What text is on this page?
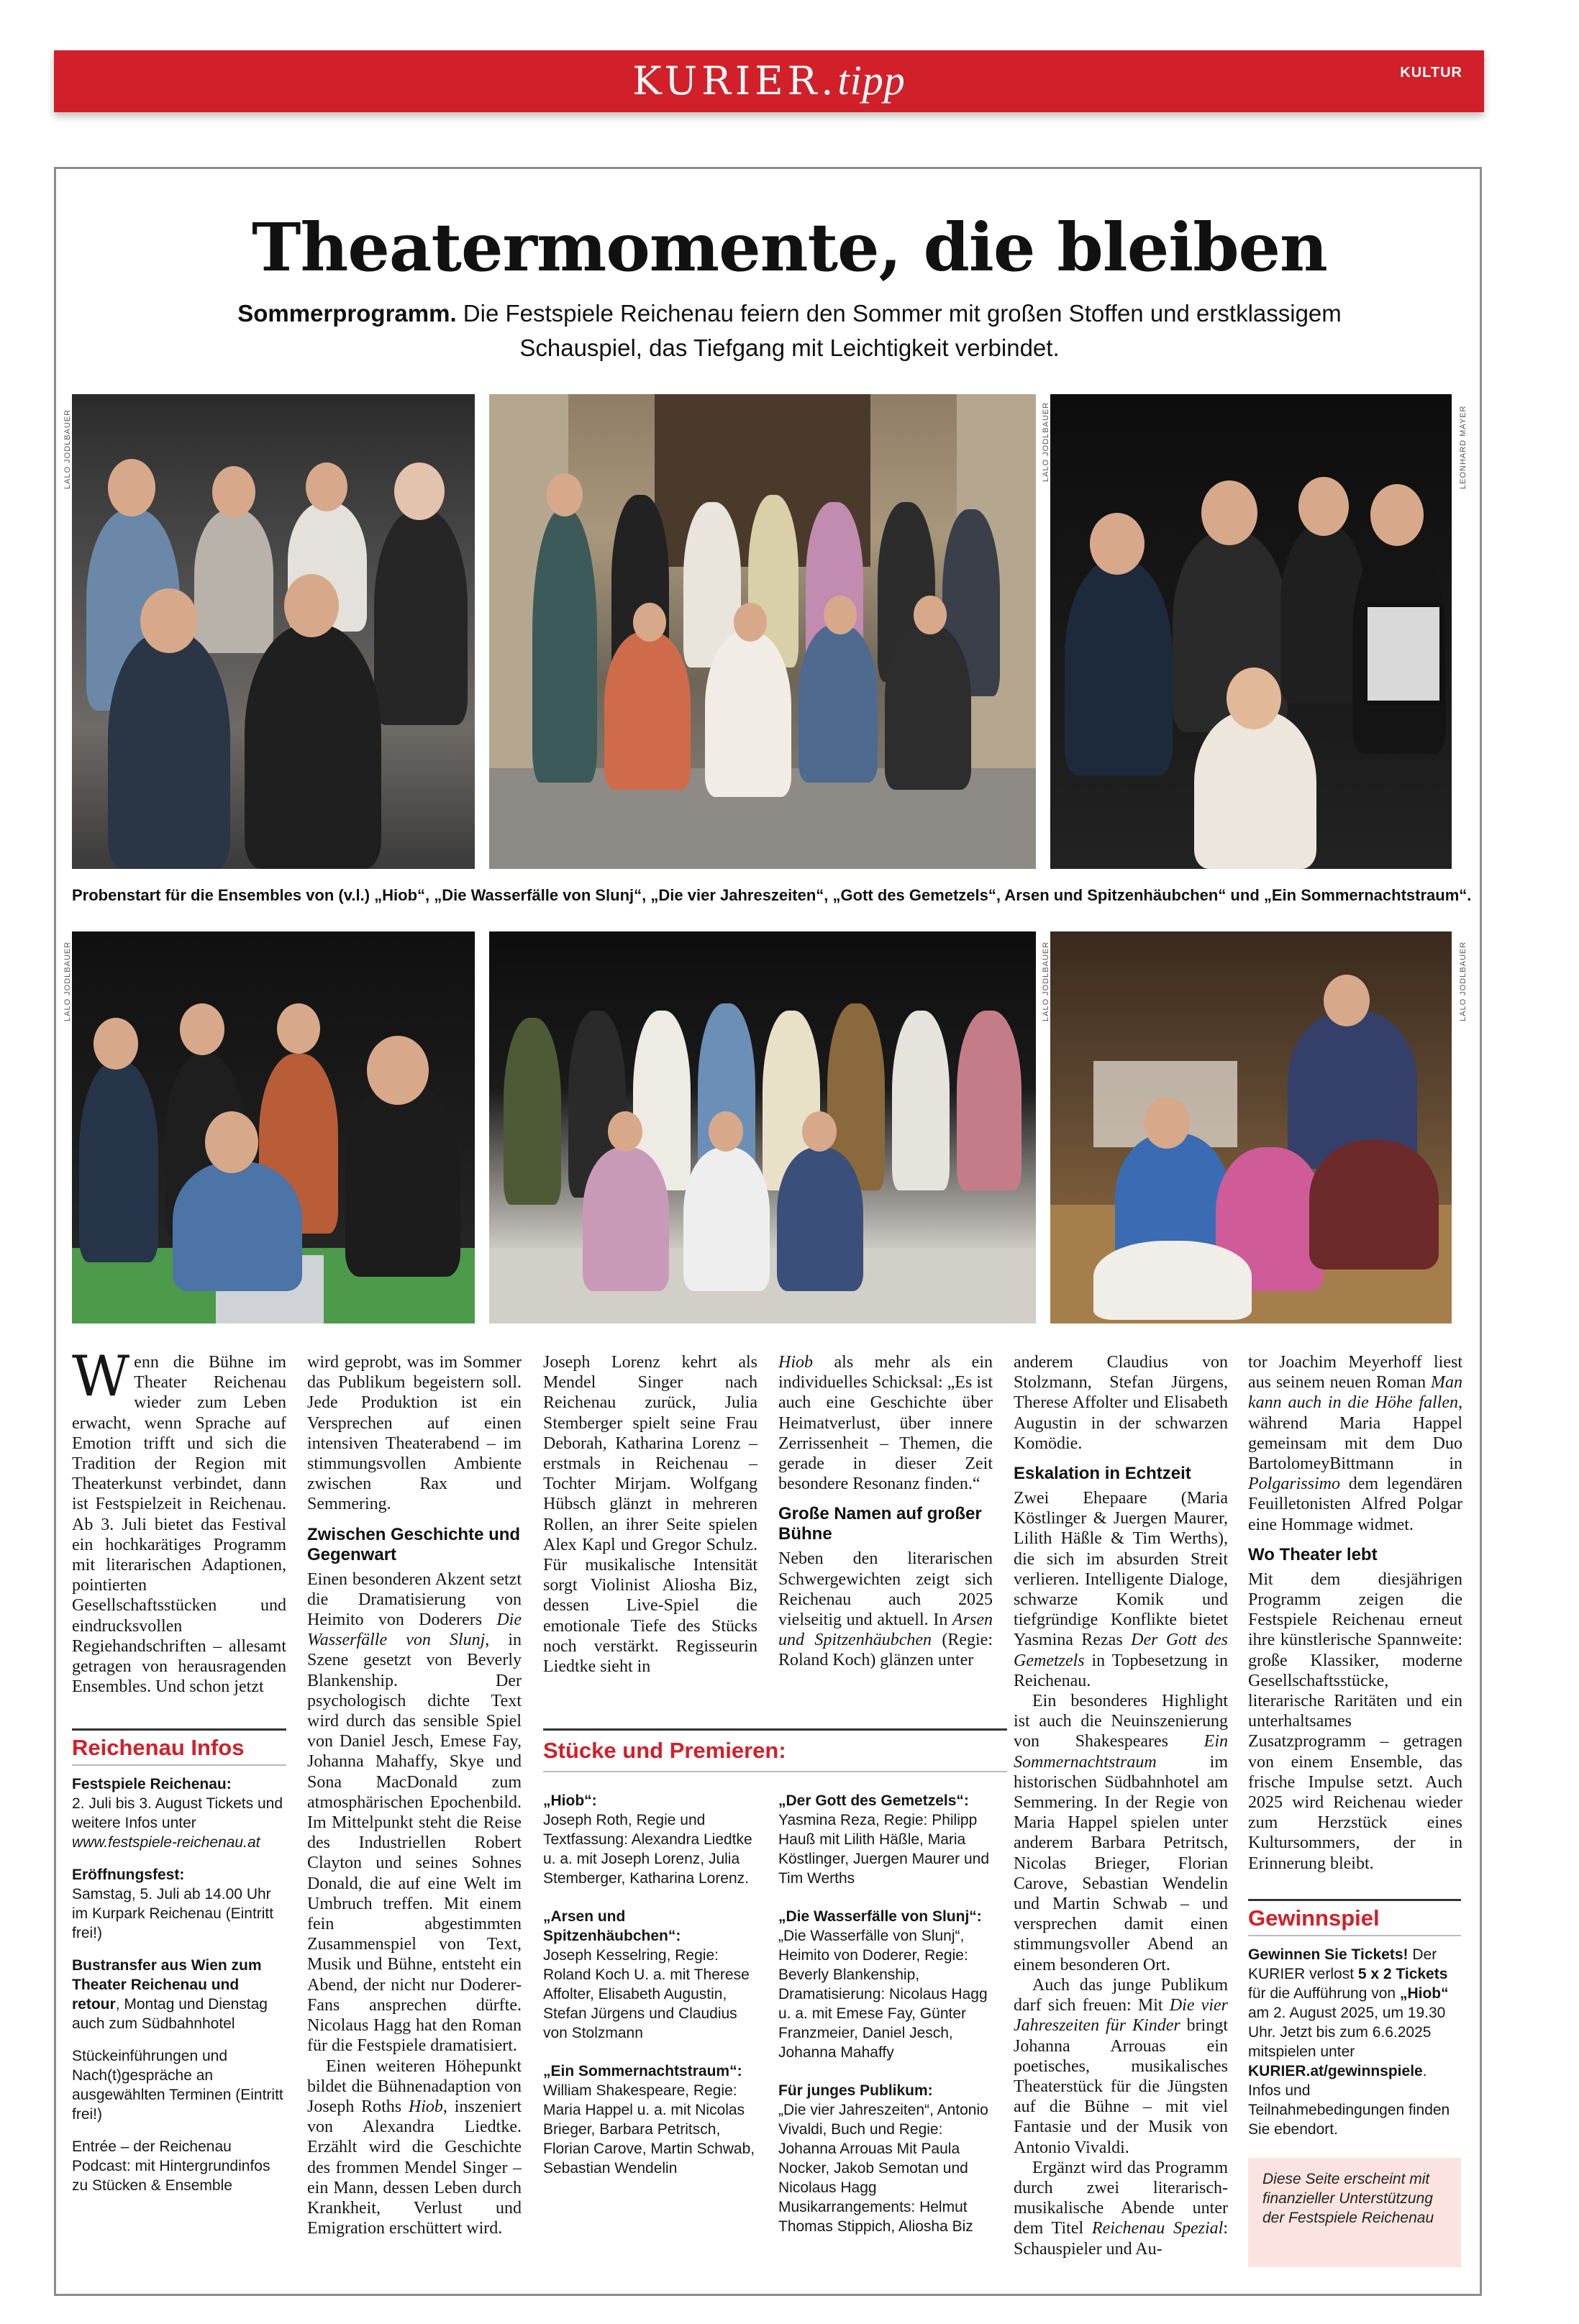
KURIER.tipp	KULTUR
Theatermomente, die bleiben
Sommerprogramm. Die Festspiele Reichenau feiern den Sommer mit großen Stoffen und erstklassigem Schauspiel, das Tiefgang mit Leichtigkeit verbindet.
LALO JODLBAUER	LALO JODLBAUER	LEONHARD MAYER
Probenstart für die Ensembles von (v.l.) „Hiob“, „Die Wasserfälle von Slunj“, „Die vier Jahreszeiten“, „Gott des Gemetzels“, Arsen und Spitzenhäubchen“ und „Ein Sommernachtstraum“.
LALO JODLBAUER	LALO JODLBAUER	LALO JODLBAUER

Wenn die Bühne im Theater Reichenau wieder zum Leben erwacht, wenn Sprache auf Emotion trifft und sich die Tradition der Region mit Theaterkunst verbindet, dann ist Festspielzeit in Reichenau. Ab 3. Juli bietet das Festival ein hochkarätiges Programm mit literarischen Adaptionen, pointierten Gesellschaftsstücken und eindrucksvollen Regiehandschriften – allesamt getragen von herausragenden Ensembles. Und schon jetzt

Reichenau Infos

Festspiele Reichenau:
2. Juli bis 3. August Tickets und weitere Infos unter
www.festspiele-reichenau.at

Eröffnungsfest:
Samstag, 5. Juli ab 14.00 Uhr im Kurpark Reichenau (Eintritt frei!)

Bustransfer aus Wien zum Theater Reichenau und retour, Montag und Dienstag auch zum Südbahnhotel

Stückeinführungen und Nach(t)gespräche an ausgewählten Terminen (Eintritt frei!)

Entrée – der Reichenau Podcast: mit Hintergrundinfos zu Stücken & Ensemble

wird geprobt, was im Sommer das Publikum begeistern soll. Jede Produktion ist ein Versprechen auf einen intensiven Theaterabend – im stimmungsvollen Ambiente zwischen Rax und Semmering.

Zwischen Geschichte und Gegenwart

Einen besonderen Akzent setzt die Dramatisierung von Heimito von Doderers Die Wasserfälle von Slunj, in Szene gesetzt von Beverly Blankenship. Der psychologisch dichte Text wird durch das sensible Spiel von Daniel Jesch, Emese Fay, Johanna Mahaffy, Skye und Sona MacDonald zum atmosphärischen Epochenbild. Im Mittelpunkt steht die Reise des Industriellen Robert Clayton und seines Sohnes Donald, die auf eine Welt im Umbruch treffen. Mit einem fein abgestimmten Zusammenspiel von Text, Musik und Bühne, entsteht ein Abend, der nicht nur Doderer-Fans ansprechen dürfte. Nicolaus Hagg hat den Roman für die Festspiele dramatisiert.

Einen weiteren Höhepunkt bildet die Bühnenadaption von Joseph Roths Hiob, inszeniert von Alexandra Liedtke. Erzählt wird die Geschichte des frommen Mendel Singer – ein Mann, dessen Leben durch Krankheit, Verlust und Emigration erschüttert wird.

Joseph Lorenz kehrt als Mendel Singer nach Reichenau zurück, Julia Stemberger spielt seine Frau Deborah, Katharina Lorenz – erstmals in Reichenau – Tochter Mirjam. Wolfgang Hübsch glänzt in mehreren Rollen, an ihrer Seite spielen Alex Kapl und Gregor Schulz. Für musikalische Intensität sorgt Violinist Aliosha Biz, dessen Live-Spiel die emotionale Tiefe des Stücks noch verstärkt. Regisseurin Liedtke sieht in

Hiob als mehr als ein individuelles Schicksal: „Es ist auch eine Geschichte über Heimatverlust, über innere Zerrissenheit – Themen, die gerade in dieser Zeit besondere Resonanz finden.“

Große Namen auf großer Bühne

Neben den literarischen Schwergewichten zeigt sich Reichenau auch 2025 vielseitig und aktuell. In Arsen und Spitzenhäubchen (Regie: Roland Koch) glänzen unter

Stücke und Premieren:
„Hiob“:
Joseph Roth, Regie und Textfassung: Alexandra Liedtke u. a. mit Joseph Lorenz, Julia Stemberger, Katharina Lorenz.
„Arsen und Spitzenhäubchen“:
Joseph Kesselring, Regie: Roland Koch U. a. mit Therese Affolter, Elisabeth Augustin, Stefan Jürgens und Claudius von Stolzmann
„Ein Sommernachtstraum“:
William Shakespeare, Regie: Maria Happel u. a. mit Nicolas Brieger, Barbara Petritsch, Florian Carove, Martin Schwab, Sebastian Wendelin
„Der Gott des Gemetzels“:
Yasmina Reza, Regie: Philipp Hauß mit Lilith Häßle, Maria Köstlinger, Juergen Maurer und Tim Werths
„Die Wasserfälle von Slunj“:
„Die Wasserfälle von Slunj“, Heimito von Doderer, Regie: Beverly Blankenship, Dramatisierung: Nicolaus Hagg u. a. mit Emese Fay, Günter Franzmeier, Daniel Jesch, Johanna Mahaffy
Für junges Publikum:
„Die vier Jahreszeiten“, Antonio Vivaldi, Buch und Regie: Johanna Arrouas Mit Paula Nocker, Jakob Semotan und Nicolaus Hagg Musikarrangements: Helmut Thomas Stippich, Aliosha Biz

anderem Claudius von Stolzmann, Stefan Jürgens, Therese Affolter und Elisabeth Augustin in der schwarzen Komödie.

Eskalation in Echtzeit

Zwei Ehepaare (Maria Köstlinger & Juergen Maurer, Lilith Häßle & Tim Werths), die sich im absurden Streit verlieren. Intelligente Dialoge, schwarze Komik und tiefgründige Konflikte bietet Yasmina Rezas Der Gott des Gemetzels in Topbesetzung in Reichenau.

Ein besonderes Highlight ist auch die Neuinszenierung von Shakespeares Ein Sommernachtstraum im historischen Südbahnhotel am Semmering. In der Regie von Maria Happel spielen unter anderem Barbara Petritsch, Nicolas Brieger, Florian Carove, Sebastian Wendelin und Martin Schwab – und versprechen damit einen stimmungsvoller Abend an einem besonderen Ort.

Auch das junge Publikum darf sich freuen: Mit Die vier Jahreszeiten für Kinder bringt Johanna Arrouas ein poetisches, musikalisches Theaterstück für die Jüngsten auf die Bühne – mit viel Fantasie und der Musik von Antonio Vivaldi.

Ergänzt wird das Programm durch zwei literarisch-musikalische Abende unter dem Titel Reichenau Spezial: Schauspieler und Au-

tor Joachim Meyerhoff liest aus seinem neuen Roman Man kann auch in die Höhe fallen, während Maria Happel gemeinsam mit dem Duo BartolomeyBittmann in Polgarissimo dem legendären Feuilletonisten Alfred Polgar eine Hommage widmet.

Wo Theater lebt

Mit dem diesjährigen Programm zeigen die Festspiele Reichenau erneut ihre künstlerische Spannweite: große Klassiker, moderne Gesellschaftsstücke, literarische Raritäten und ein unterhaltsames Zusatzprogramm – getragen von einem Ensemble, das frische Impulse setzt. Auch 2025 wird Reichenau wieder zum Herzstück eines Kultursommers, der in Erinnerung bleibt.

Gewinnspiel
Gewinnen Sie Tickets! Der KURIER verlost 5 x 2 Tickets für die Aufführung von „Hiob“ am 2. August 2025, um 19.30 Uhr. Jetzt bis zum 6.6.2025 mitspielen unter KURIER.at/gewinnspiele. Infos und Teilnahmebedingungen finden Sie ebendort.
Diese Seite erscheint mit finanzieller Unterstützung der Festspiele Reichenau
